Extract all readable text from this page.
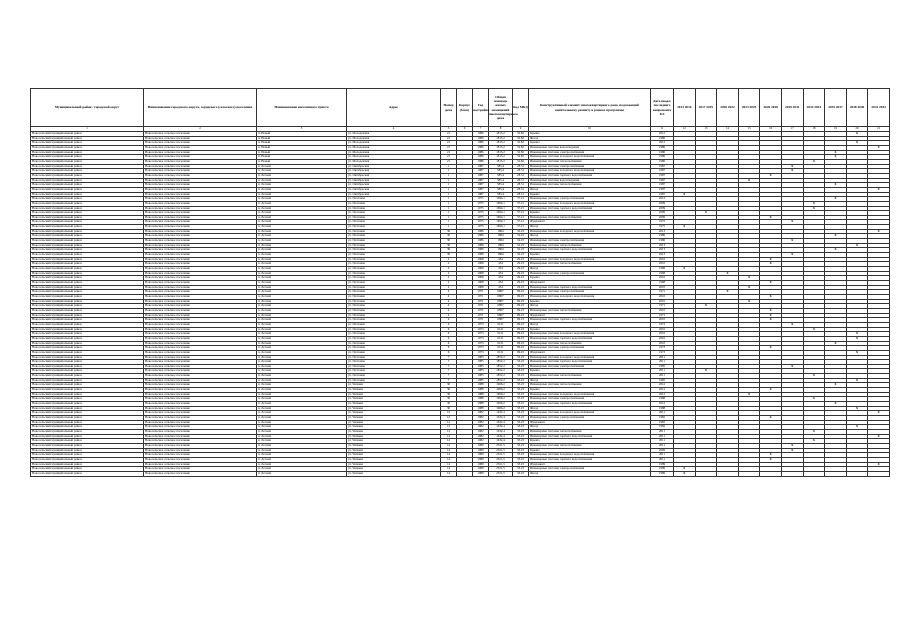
Муниципальный район / городской округ	Наименование городского округа, городского (сельского) поселения	Наименование населенного пункта	Адрес	Номер дома	Корпус (блок)	Год постройки	Общая площадь жилых помещений многоквартирного дома	Код МКД	Конструктивный элемент многоквартирного дома, подлежащий капитальному ремонту в рамках программы	Дата ввода/ последнего капремонта КЭ	2014 2016	2017 2019	2020 2022	2023 2025	2026 2028	2029 2031	2032 2034	2035 2037	2038 2040	2041 2043
1	2	3	4	5	6	7	8	9	10	11	12	13	14	15	16	17	18	19	20	21
Новосельский муниципальный район	Новосельское сельское поселение	п. Новый	ул. Молодежная	21		1986	1815,2	32.82	Крыша	2012									X	
Новосельский муниципальный район	Новосельское сельское поселение	п. Новый	ул. Молодежная	21		1986	1815,2	32.82	Фасад	1986										
Новосельский муниципальный район	Новосельское сельское поселение	п. Новый	ул. Молодежная	21		1986	1815,2	32.82	Крыша	2012									X	
Новосельский муниципальный район	Новосельское сельское поселение	п. Новый	ул. Молодежная	21		1986	1815,2	32.82	Инженерные системы водоотведения	1986										X
Новосельский муниципальный район	Новосельское сельское поселение	п. Новый	ул. Молодежная	21		1986	1815,2	32.82	Инженерные системы электроснабжения	1986								X		
Новосельский муниципальный район	Новосельское сельское поселение	п. Новый	ул. Молодежная	21		1986	1815,2	32.82	Инженерные системы холодного водоснабжения	1986								X		
Новосельский муниципальный район	Новосельское сельское поселение	п. Новый	ул. Молодежная	21		1986	1815,2	32.82	Инженерные системы теплоснабжения	1986							X			
Новосельский муниципальный район	Новосельское сельское поселение	п. Лесной	ул. Октябрьская	1		1987	585,4	28.31	Инженерные системы электроснабжения	1987						X				
Новосельский муниципальный район	Новосельское сельское поселение	п. Лесной	ул. Октябрьская	1		1987	585,4	28.31	Инженерные системы холодного водоснабжения	1987						X				
Новосельский муниципальный район	Новосельское сельское поселение	п. Лесной	ул. Октябрьская	1		1987	585,4	28.31	Инженерные системы горячего водоснабжения	1987					X					
Новосельский муниципальный район	Новосельское сельское поселение	п. Лесной	ул. Октябрьская	1		1987	585,4	28.31	Инженерные системы водоотведения	1987				X						
Новосельский муниципальный район	Новосельское сельское поселение	п. Лесной	ул. Октябрьская	1		1987	585,4	28.31	Инженерные системы теплоснабжения	1987								X		
Новосельский муниципальный район	Новосельское сельское поселение	п. Лесной	ул. Октябрьская	1		1987	585,4	28.31	Фасад	1987										X
Новосельский муниципальный район	Новосельское сельское поселение	п. Лесной	ул. Октябрьская	1		1987	585,4	28.31	Крыша	1987	X									
Новосельский муниципальный район	Новосельское сельское поселение	п. Лесной	ул. Почтовая	1		1975	1694,1	37.21	Инженерные системы электроснабжения	2012								X		
Новосельский муниципальный район	Новосельское сельское поселение	п. Лесной	ул. Почтовая	1		1975	1694,1	37.21	Инженерные системы холодного водоснабжения	2009							X			
Новосельский муниципальный район	Новосельское сельское поселение	п. Лесной	ул. Почтовая	1		1975	1694,1	37.21	Инженерные системы горячего водоснабжения	2009							X			
Новосельский муниципальный район	Новосельское сельское поселение	п. Лесной	ул. Почтовая	1		1975	1694,1	37.21	Крыша	2009		X								
Новосельский муниципальный район	Новосельское сельское поселение	п. Лесной	ул. Почтовая	1		1975	1694,1	37.21	Инженерные системы теплоснабжения	2009					X					
Новосельский муниципальный район	Новосельское сельское поселение	п. Лесной	ул. Почтовая	1		1975	1694,1	37.21	Фундамент	1975						X				
Новосельский муниципальный район	Новосельское сельское поселение	п. Лесной	ул. Почтовая	1		1975	1694,1	37.21	Фасад	1975	X									
Новосельский муниципальный район	Новосельское сельское поселение	п. Лесной	ул. Почтовая	30		1986	1864	32.23	Инженерные системы холодного водоснабжения	2013										X
Новосельский муниципальный район	Новосельское сельское поселение	п. Лесной	ул. Почтовая	30		1986	1864	32.23	Фасад	1986								X		
Новосельский муниципальный район	Новосельское сельское поселение	п. Лесной	ул. Почтовая	30		1986	1864	32.23	Инженерные системы электроснабжения	1986						X				
Новосельский муниципальный район	Новосельское сельское поселение	п. Лесной	ул. Почтовая	30		1986	1864	32.23	Инженерные системы теплоснабжения	2013									X	
Новосельский муниципальный район	Новосельское сельское поселение	п. Лесной	ул. Почтовая	30		1986	1864	32.23	Инженерные системы горячего водоснабжения	2013								X		
Новосельский муниципальный район	Новосельское сельское поселение	п. Лесной	ул. Почтовая	30		1986	1864	32.23	Крыша	2013						X				
Новосельский муниципальный район	Новосельское сельское поселение	п. Лесной	ул. Почтовая	2		1968	454	29.23	Инженерные системы холодного водоснабжения	2010					X					
Новосельский муниципальный район	Новосельское сельское поселение	п. Лесной	ул. Почтовая	2		1968	454	29.23	Инженерные системы теплоснабжения	2010					X					
Новосельский муниципальный район	Новосельское сельское поселение	п. Лесной	ул. Почтовая	2		1968	454	29.23	Фасад	1968	X									
Новосельский муниципальный район	Новосельское сельское поселение	п. Лесной	ул. Почтовая	2		1968	454	29.23	Инженерные системы электроснабжения	1968			X							
Новосельский муниципальный район	Новосельское сельское поселение	п. Лесной	ул. Почтовая	2		1968	454	29.23	Крыша	2010				X						
Новосельский муниципальный район	Новосельское сельское поселение	п. Лесной	ул. Почтовая	2		1968	454	29.23	Фундамент	1968					X					
Новосельский муниципальный район	Новосельское сельское поселение	п. Лесной	ул. Почтовая	2		1968	454	29.23	Инженерные системы горячего водоснабжения	2010				X						
Новосельский муниципальный район	Новосельское сельское поселение	п. Лесной	ул. Почтовая	4		1971	6807	09.23	Инженерные системы электроснабжения	1971			X							
Новосельский муниципальный район	Новосельское сельское поселение	п. Лесной	ул. Почтовая	4		1971	6807	09.23	Инженерные системы холодного водоснабжения	2010					X					
Новосельский муниципальный район	Новосельское сельское поселение	п. Лесной	ул. Почтовая	4		1971	6807	09.23	Крыша	2010				X						
Новосельский муниципальный район	Новосельское сельское поселение	п. Лесной	ул. Почтовая	4		1971	6807	09.23	Фасад	1971		X								
Новосельский муниципальный район	Новосельское сельское поселение	п. Лесной	ул. Почтовая	4		1971	6807	09.23	Инженерные системы теплоснабжения	2010					X					
Новосельский муниципальный район	Новосельское сельское поселение	п. Лесной	ул. Почтовая	4		1971	6807	09.23	Фундамент	1971					X					
Новосельский муниципальный район	Новосельское сельское поселение	п. Лесной	ул. Почтовая	4		1971	6807	09.23	Инженерные системы горячего водоснабжения	2010					X					
Новосельский муниципальный район	Новосельское сельское поселение	п. Лесной	ул. Почтовая	6		1973	6121	09.23	Фасад	1973						X				
Новосельский муниципальный район	Новосельское сельское поселение	п. Лесной	ул. Почтовая	6		1973	6121	09.23	Крыша	2010							X			
Новосельский муниципальный район	Новосельское сельское поселение	п. Лесной	ул. Почтовая	6		1973	6121	09.23	Инженерные системы холодного водоснабжения	2010									X	
Новосельский муниципальный район	Новосельское сельское поселение	п. Лесной	ул. Почтовая	6		1973	6121	09.23	Инженерные системы горячего водоснабжения	2010									X	
Новосельский муниципальный район	Новосельское сельское поселение	п. Лесной	ул. Почтовая	6		1973	6121	09.23	Инженерные системы теплоснабжения	2010								X		
Новосельский муниципальный район	Новосельское сельское поселение	п. Лесной	ул. Почтовая	6		1973	6121	09.23	Инженерные системы электроснабжения	1973					X					
Новосельский муниципальный район	Новосельское сельское поселение	п. Лесной	ул. Почтовая	6		1973	6121	09.23	Фундамент	1973									X	
Новосельский муниципальный район	Новосельское сельское поселение	п. Лесной	ул. Почтовая	7		1985	1852,2	33.23	Инженерные системы холодного водоснабжения	2011										
Новосельский муниципальный район	Новосельское сельское поселение	п. Лесной	ул. Почтовая	7		1985	1852,2	33.23	Инженерные системы горячего водоснабжения	2011										
Новосельский муниципальный район	Новосельское сельское поселение	п. Лесной	ул. Почтовая	7		1985	1852,2	33.23	Инженерные системы электроснабжения	1985						X				
Новосельский муниципальный район	Новосельское сельское поселение	п. Лесной	ул. Почтовая	7		1985	1852,2	33.23	Крыша	2011		X								
Новосельский муниципальный район	Новосельское сельское поселение	п. Лесной	ул. Почтовая	7		1985	1852,2	33.23	Инженерные системы теплоснабжения	2011							X			
Новосельский муниципальный район	Новосельское сельское поселение	п. Лесной	ул. Почтовая	7		1985	1852,2	33.23	Фасад	1985									X	
Новосельский муниципальный район	Новосельское сельское поселение	п. Лесной	ул. Чапаева	30		1988	1966,2	33.23	Инженерные системы теплоснабжения	2012								X		
Новосельский муниципальный район	Новосельское сельское поселение	п. Лесной	ул. Чапаева	30		1988	1966,2	33.23	Крыша	2012					X					
Новосельский муниципальный район	Новосельское сельское поселение	п. Лесной	ул. Чапаева	30		1988	1966,2	33.23	Инженерные системы холодного водоснабжения	2012				X						
Новосельский муниципальный район	Новосельское сельское поселение	п. Лесной	ул. Чапаева	30		1988	1966,2	33.23	Инженерные системы электроснабжения	1988							X			
Новосельский муниципальный район	Новосельское сельское поселение	п. Лесной	ул. Чапаева	30		1988	1966,2	33.23	Инженерные системы горячего водоснабжения	2012								X		
Новосельский муниципальный район	Новосельское сельское поселение	п. Лесной	ул. Чапаева	30		1988	1966,2	33.23	Фасад	1988									X	
Новосельский муниципальный район	Новосельское сельское поселение	п. Лесной	ул. Чапаева	12		1982	1632,4	33.23	Инженерные системы холодного водоснабжения	2011										X
Новосельский муниципальный район	Новосельское сельское поселение	п. Лесной	ул. Чапаева	12		1982	1632,4	33.23	Инженерные системы электроснабжения	1982					X					
Новосельский муниципальный район	Новосельское сельское поселение	п. Лесной	ул. Чапаева	12		1982	1632,4	33.23	Фундамент	1982										
Новосельский муниципальный район	Новосельское сельское поселение	п. Лесной	ул. Чапаева	12		1982	1632,4	33.23	Фасад	1982									X	
Новосельский муниципальный район	Новосельское сельское поселение	п. Лесной	ул. Чапаева	12		1982	1632,4	33.23	Инженерные системы теплоснабжения	2011							X			
Новосельский муниципальный район	Новосельское сельское поселение	п. Лесной	ул. Чапаева	12		1982	1632,4	33.23	Инженерные системы горячего водоснабжения	2011										X
Новосельский муниципальный район	Новосельское сельское поселение	п. Лесной	ул. Чапаева	12		1982	1632,4	33.23	Крыша	2011							X			
Новосельский муниципальный район	Новосельское сельское поселение	п. Лесной	ул. Чапаева	14		1989	2321,5	33.23	Инженерные системы теплоснабжения	2011						X				
Новосельский муниципальный район	Новосельское сельское поселение	п. Лесной	ул. Чапаева	14		1989	2321,5	33.23	Крыша	2009						X				
Новосельский муниципальный район	Новосельское сельское поселение	п. Лесной	ул. Чапаева	14		1989	2321,5	33.23	Инженерные системы холодного водоснабжения	2011					X					
Новосельский муниципальный район	Новосельское сельское поселение	п. Лесной	ул. Чапаева	14		1989	2321,5	33.23	Инженерные системы горячего водоснабжения	2011					X					
Новосельский муниципальный район	Новосельское сельское поселение	п. Лесной	ул. Чапаева	14		1989	2321,5	33.23	Фундамент	1989										X
Новосельский муниципальный район	Новосельское сельское поселение	п. Лесной	ул. Чапаева	14		1989	2321,5	33.23	Инженерные системы электроснабжения	1989	X									
Новосельский муниципальный район	Новосельское сельское поселение	п. Лесной	ул. Чапаева	14		1989	2321,5	33.23	Фасад	1989	X									
